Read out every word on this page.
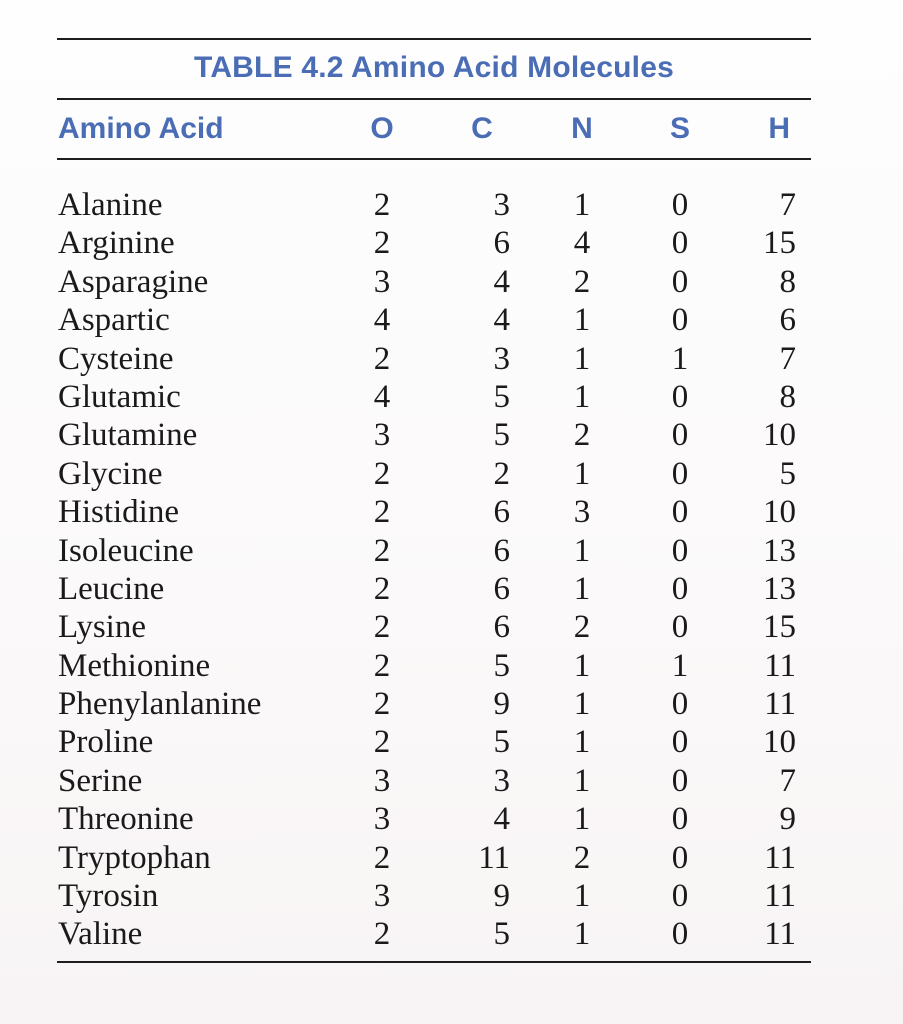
TABLE 4.2 Amino Acid Molecules
Amino Acid	O	C	N	S	H
Alanine	2	3	1	0	7
Arginine	2	6	4	0	15
Asparagine	3	4	2	0	8
Aspartic	4	4	1	0	6
Cysteine	2	3	1	1	7
Glutamic	4	5	1	0	8
Glutamine	3	5	2	0	10
Glycine	2	2	1	0	5
Histidine	2	6	3	0	10
Isoleucine	2	6	1	0	13
Leucine	2	6	1	0	13
Lysine	2	6	2	0	15
Methionine	2	5	1	1	11
Phenylanlanine	2	9	1	0	11
Proline	2	5	1	0	10
Serine	3	3	1	0	7
Threonine	3	4	1	0	9
Tryptophan	2	11	2	0	11
Tyrosin	3	9	1	0	11
Valine	2	5	1	0	11
